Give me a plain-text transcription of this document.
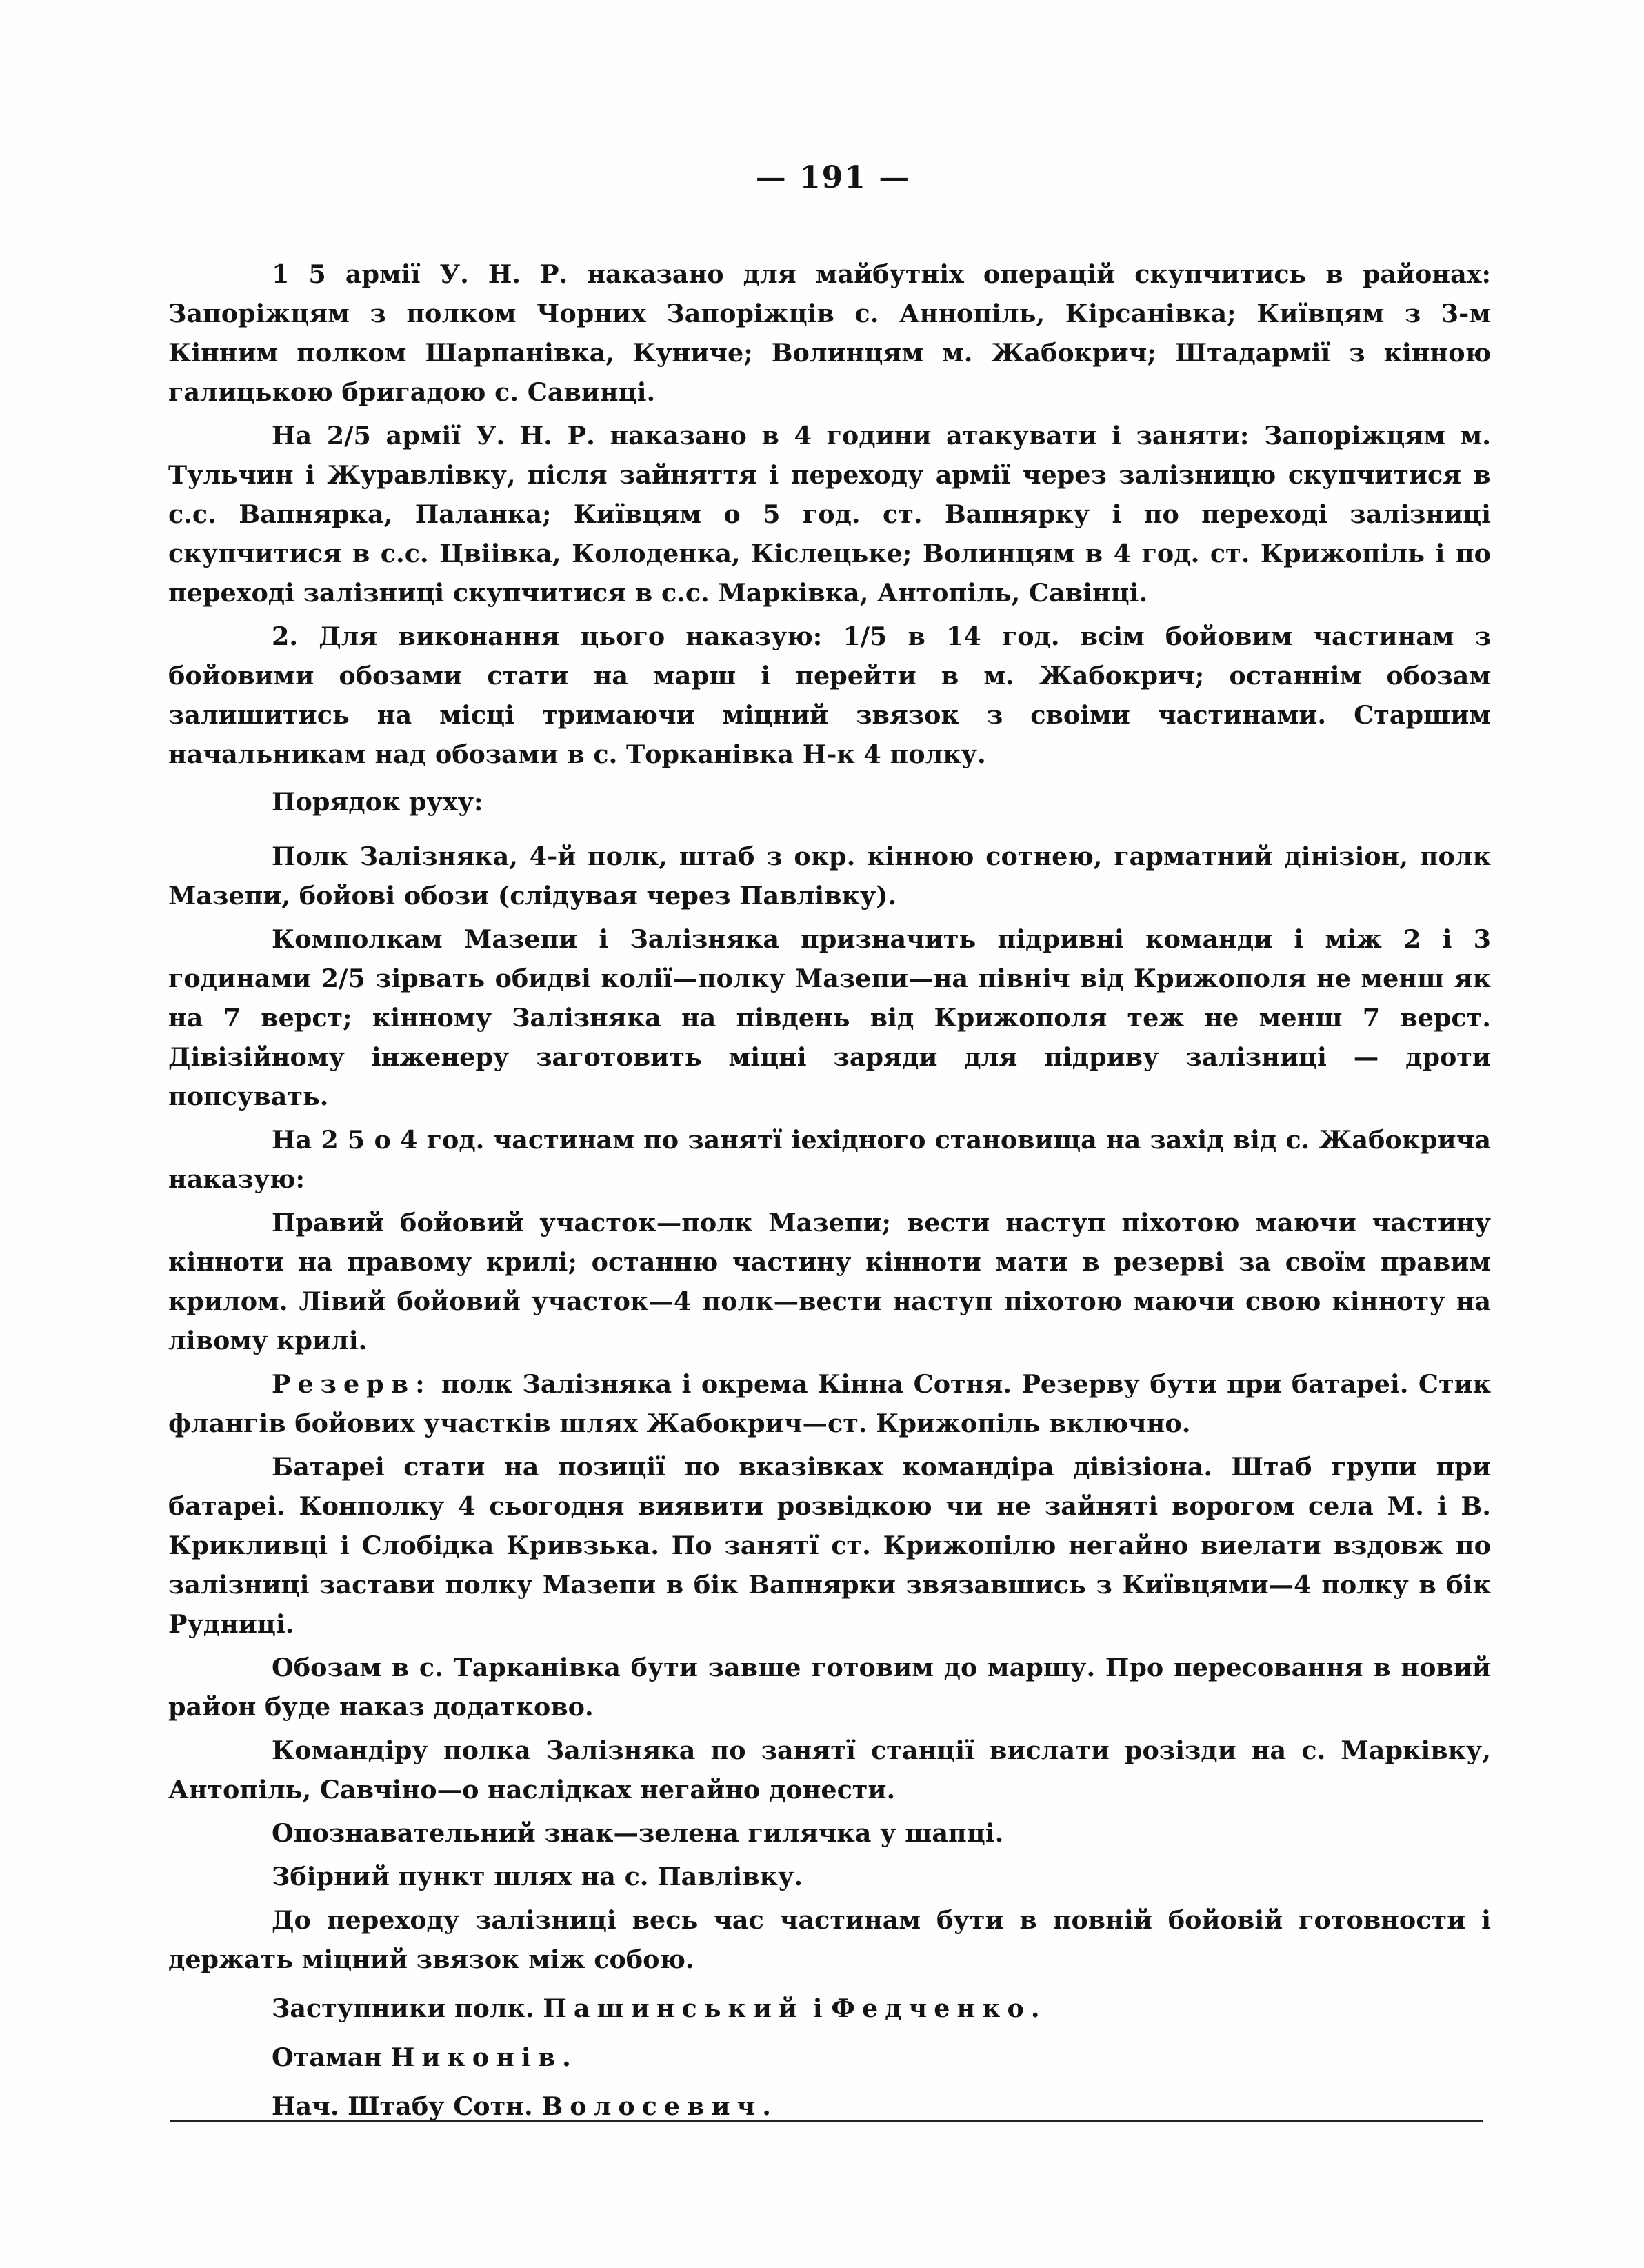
— 191 —

1 5 армії У. Н. Р. наказано для майбутніх операцій скупчитись в районах: Запоріжцям з полком Чорних Запоріжців с. Аннопіль, Кірсанівка; Київцям з 3-м Кінним полком Шарпанівка, Куниче; Волинцям м. Жабокрич; Штадармії з кінною галицькою бригадою с. Савинці.

На 2/5 армії У. Н. Р. наказано в 4 години атакувати і заняти: Запоріжцям м. Тульчин і Журавлівку, після зайняття і переходу армії через залізницю скупчитися в с.с. Вапнярка, Паланка; Київцям о 5 год. ст. Вапнярку і по переході залізниці скупчитися в с.с. Цвіівка, Колоденка, Кіслецьке; Волинцям в 4 год. ст. Крижопіль і по переході залізниці скупчитися в с.с. Марківка, Антопіль, Савінці.

2. Для виконання цього наказую: 1/5 в 14 год. всім бойовим частинам з бойовими обозами стати на марш і перейти в м. Жабокрич; останнім обозам залишитись на місці тримаючи міцний звязок з своіми частинами. Старшим начальникам над обозами в с. Торканівка Н-к 4 полку.

Порядок руху:

Полк Залізняка, 4-й полк, штаб з окр. кінною сотнею, гарматний дінізіон, полк Мазепи, бойові обози (слідувая через Павлівку).

Комполкам Мазепи і Залізняка призначить підривні команди і між 2 і 3 годинами 2/5 зірвать обидві колії—полку Мазепи—на північ від Крижополя не менш як на 7 верст; кінному Залізняка на південь від Крижополя теж не менш 7 верст. Дівізійному інженеру заготовить міцні заряди для підриву залізниці — дроти попсувать.

На 2 5 о 4 год. частинам по занятї іехідного становища на захід від с. Жабокрича наказую:

Правий бойовий участок—полк Мазепи; вести наступ піхотою маючи частину кінноти на правому крилі; останню частину кінноти мати в резерві за своїм правим крилом. Лівий бойовий участок—4 полк—вести наступ піхотою маючи свою кінноту на лівому крилі.

Резерв: полк Залізняка і окрема Кінна Сотня. Резерву бути при батареі. Стик флангів бойових участків шлях Жабокрич—ст. Крижопіль включно.

Батареі стати на позиції по вказівках командіра дівізіона. Штаб групи при батареі. Конполку 4 сьогодня виявити розвідкою чи не зайняті ворогом села М. і В. Крикливці і Слобідка Кривзька. По занятї ст. Крижопілю негайно виелати вздовж по залізниці застави полку Мазепи в бік Вапнярки звязавшись з Київцями—4 полку в бік Рудниці.

Обозам в с. Тарканівка бути завше готовим до маршу. Про пересовання в новий район буде наказ додатково.

Командіру полка Залізняка по занятї станції вислати розізди на с. Марківку, Антопіль, Савчіно—о наслідках негайно донести.

Опознавательний знак—зелена гилячка у шапці.

Збірний пункт шлях на с. Павлівку.

До переходу залізниці весь час частинам бути в повній бойовій готовности і держать міцний звязок між собою.

Заступники полк. Пашинський і Федченко.

Отаман Никонів.

Нач. Штабу Сотн. Волосевич.
